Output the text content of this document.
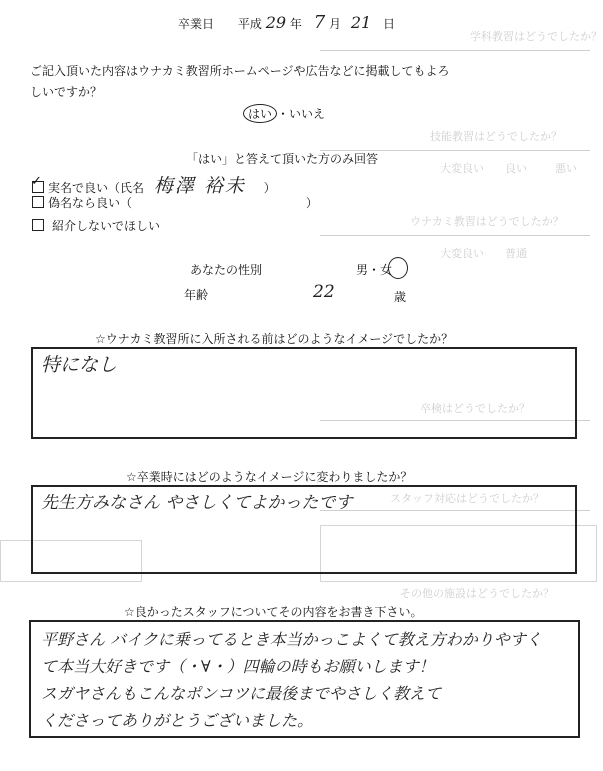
学科教習はどうでしたか？
技能教習はどうでしたか？
ウナカミ教習はどうでしたか？
卒検はどうでしたか？
スタッフ対応はどうでしたか？
その他の施設はどうでしたか？
大変良い 良い	悪い
大変良い 普通
卒業日 平成 29 年 7 月 21 日
ご記入頂いた内容はウナカミ教習所ホームページや広告などに掲載してもよろ
しいですか？
はい ・いいえ
「はい」と答えて頂いた方のみ回答
✓ 実名で良い（氏名 梅澤 裕未 ）
偽名なら良い（	）
紹介しないでほしい
あなたの性別	男・女
年齢	22	歳
☆ウナカミ教習所に入所される前はどのようなイメージでしたか？
特になし
☆卒業時にはどのようなイメージに変わりましたか？
先生方みなさん やさしくてよかったです
☆良かったスタッフについてその内容をお書き下さい。
平野さん バイクに乗ってるとき本当かっこよくて教え方わかりやすく
て本当大好きです（・∀・）四輪の時もお願いします！
スガヤさんもこんなポンコツに最後までやさしく教えて
くださってありがとうございました。
